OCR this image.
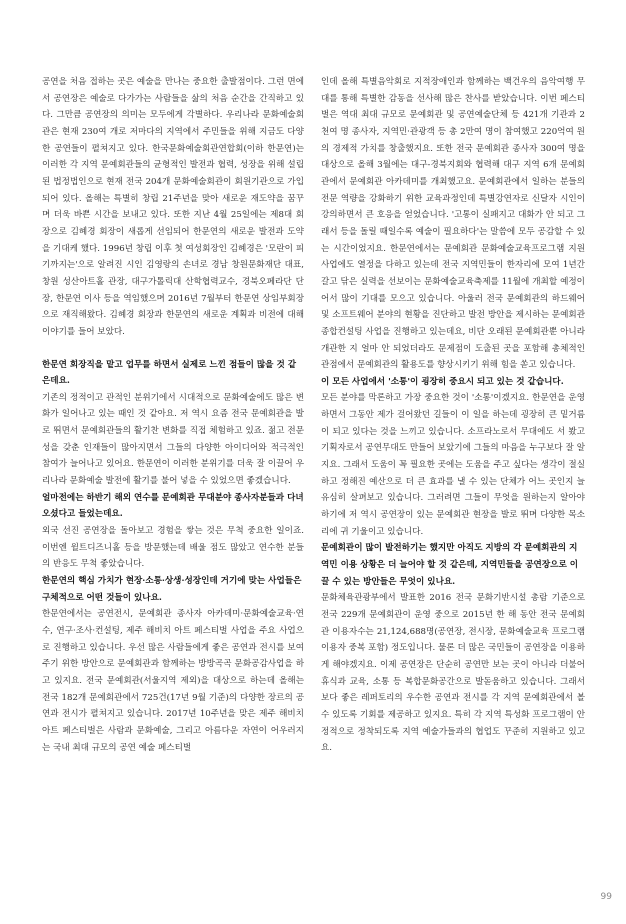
공연을 처음 접하는 곳은 예술을 만나는 중요한 출발점이다. 그런 면에서 공연장은 예술로 다가가는 사람들을 삶의 처음 순간을 간직하고 있다. 그만큼 공연장의 의미는 모두에게 각별하다. 우리나라 문화예술회관은 현재 230여 개로 저마다의 지역에서 주민들을 위해 지금도 다양한 공연들이 펼쳐지고 있다. 한국문화예술회관연합회(이하 한문연)는 이러한 각 지역 문예회관들의 균형적인 발전과 협력, 성장을 위해 설립된 법정법인으로 현재 전국 204개 문화예술회관이 회원기관으로 가입되어 있다. 올해는 특별히 창립 21주년을 맞아 새로운 재도약을 꿈꾸며 더욱 바쁜 시간을 보내고 있다. 또한 지난 4월 25일에는 제8대 회장으로 김혜경 회장이 새롭게 선임되어 한문연의 새로운 발전과 도약을 기대케 했다. 1996년 창립 이후 첫 여성회장인 김혜경은 '모란이 피기까지는'으로 알려진 시인 김영랑의 손녀로 경남 창원문화재단 대표, 창원 성산아트홀 관장, 대구가톨릭대 산학협력교수, 경북오페라단 단장, 한문연 이사 등을 역임했으며 2016년 7월부터 한문연 상임부회장으로 재직해왔다. 김혜경 회장과 한문연의 새로운 계획과 비전에 대해 이야기를 들어 보았다.

한문연 회장직을 맡고 업무를 하면서 실제로 느낀 점들이 많을 것 같은데요.

기존의 정적이고 관적인 분위기에서 시대적으로 문화예술에도 많은 변화가 일어나고 있는 때인 것 같아요. 저 역시 요즘 전국 문예회관을 발로 뛰면서 문예회관들의 활기찬 변화를 직접 체험하고 있죠. 젊고 전문성을 갖춘 인재들이 많아지면서 그들의 다양한 아이디어와 적극적인 참여가 늘어나고 있어요. 한문연이 이러한 분위기를 더욱 잘 이끌어 우리나라 문화예술 발전에 활기를 불어 넣을 수 있었으면 좋겠습니다.

얼마전에는 하반기 해외 연수를 문예회관 무대분야 종사자분들과 다녀오셨다고 들었는데요.

외국 선진 공연장을 돌아보고 경험을 쌓는 것은 무척 중요한 일이죠. 이번엔 윌트디즈니홀 등을 방문했는데 배울 점도 많았고 연수한 분들의 반응도 무척 좋았습니다.

한문연의 핵심 가치가 현장·소통·상생·성장인데 거기에 맞는 사업들은 구체적으로 어떤 것들이 있나요.

한문연에서는 공연전시, 문예회관 종사자 아카데미·문화예술교육·연수, 연구·조사·컨설팅, 제주 해비치 아트 페스티벌 사업을 주요 사업으로 진행하고 있습니다. 우선 많은 사람들에게 좋은 공연과 전시를 보여주기 위한 방안으로 문예회관과 함께하는 방방곡곡 문화공감사업을 하고 있지요. 전국 문예회관(서울지역 제외)을 대상으로 하는데 올해는 전국 182개 문예회관에서 725건(17년 9월 기준)의 다양한 장르의 공연과 전시가 펼쳐지고 있습니다. 2017년 10주년을 맞은 제주 해비치 아트 페스티벌은 사람과 문화예술, 그리고 아름다운 자연이 어우러지는 국내 최대 규모의 공연 예술 페스티벌

인데 올해 특별음악회로 지적장애인과 함께하는 백건우의 음악여행 무대를 통해 특별한 감동을 선사해 많은 찬사를 받았습니다. 이번 페스티벌은 역대 최대 규모로 문예회관 및 공연예술단체 등 421개 기관과 2천여 명 종사자, 지역민·관광객 등 총 2만여 명이 참여했고 220억여 원의 경제적 가치를 창출했지요. 또한 전국 문예회관 종사자 300여 명을 대상으로 올해 3월에는 대구-경북지회와 협력해 대구 지역 6개 문예회관에서 문예회관 아카데미를 개최했고요. 문예회관에서 일하는 분들의 전문 역량을 강화하기 위한 교육과정인데 특별강연자로 신달자 시인이 강의하면서 큰 호응을 얻었습니다. '고통이 실패지고 대화가 안 되고 그래서 등을 돌릴 때일수록 예술이 필요하다'는 말씀에 모두 공감할 수 있는 시간이었지요. 한문연에서는 문예회관 문화예술교육프로그램 지원 사업에도 열정을 다하고 있는데 전국 지역민들이 한자리에 모여 1년간 갈고 닦은 실력을 선보이는 문화예술교육축제를 11월에 개최할 예정이어서 많이 기대를 모으고 있습니다. 아울러 전국 문예회관의 하드웨어 및 소프트웨어 분야의 현황을 진단하고 발전 방안을 제시하는 문예회관 종합컨설팅 사업을 진행하고 있는데요, 비단 오래된 문예회관뿐 아니라 개관한 지 얼마 안 되었더라도 문제점이 도출된 곳을 포함해 총체적인 관점에서 문예회관의 활용도를 향상시키기 위해 힘을 쏟고 있습니다.

이 모든 사업에서 '소통'이 굉장히 중요시 되고 있는 것 같습니다.

모든 분야를 막론하고 가장 중요한 것이 '소통'이겠지요. 한문연을 운영하면서 그동안 제가 걸어왔던 길들이 이 일을 하는데 굉장히 큰 밑거름이 되고 있다는 것을 느끼고 있습니다. 소프라노로서 무대에도 서 봤고 기획자로서 공연무대도 만들어 보았기에 그들의 마음을 누구보다 잘 알지요. 그래서 도움이 꼭 필요한 곳에는 도움을 주고 싶다는 생각이 절실하고 정해진 예산으로 더 큰 효과를 낼 수 있는 단체가 어느 곳인지 늘 유심히 살펴보고 있습니다. 그러려면 그들이 무엇을 원하는지 알아야 하기에 저 역시 공연장이 있는 문예회관 현장을 발로 뛰며 다양한 목소리에 귀 기울이고 있습니다.

문예회관이 많이 발전하기는 했지만 아직도 지방의 각 문예회관의 지역민 이용 상황은 더 늘어야 할 것 같은데, 지역민들을 공연장으로 이끌 수 있는 방안들은 무엇이 있나요.

문화체육관광부에서 발표한 2016 전국 문화기반시설 총람 기준으로 전국 229개 문예회관이 운영 중으로 2015년 한 해 동안 전국 문예회관 이용자수는 21,124,688명(공연장, 전시장, 문화예술교육 프로그램 이용자 중복 포함) 정도입니다. 물론 더 많은 국민들이 공연장을 이용하게 해야겠지요. 이제 공연장은 단순히 공연만 보는 곳이 아니라 더불어 휴식과 교육, 소통 등 복합문화공간으로 발돋움하고 있습니다. 그래서 보다 좋은 레퍼토리의 우수한 공연과 전시를 각 지역 문예회관에서 볼 수 있도록 기회를 제공하고 있지요. 특히 각 지역 특성화 프로그램이 안정적으로 정착되도록 지역 예술가들과의 협업도 꾸준히 지원하고 있고요.

99
